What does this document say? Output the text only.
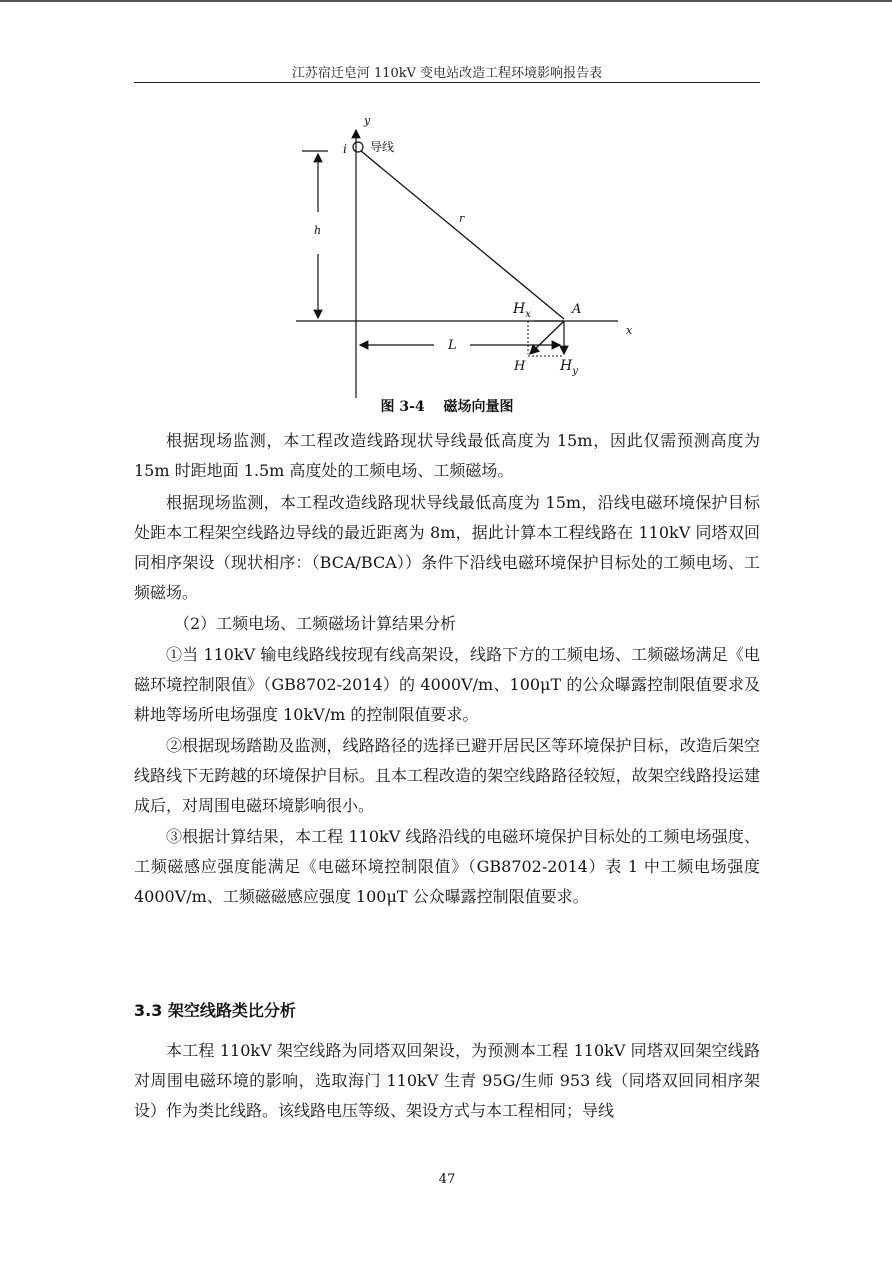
江苏宿迁皂河 110kV 变电站改造工程环境影响报告表
y
x
i 导线
h
r
A
L
$H_x$
$H_y$
H
图 3-4　 磁场向量图

根据现场监测，本工程改造线路现状导线最低高度为 15m，因此仅需预测高度为 15m 时距地面 1.5m 高度处的工频电场、工频磁场。

根据现场监测，本工程改造线路现状导线最低高度为 15m，沿线电磁环境保护目标处距本工程架空线路边导线的最近距离为 8m，据此计算本工程线路在 110kV 同塔双回同相序架设（现状相序：（BCA/BCA））条件下沿线电磁环境保护目标处的工频电场、工频磁场。

（2）工频电场、工频磁场计算结果分析

①当 110kV 输电线路线按现有线高架设，线路下方的工频电场、工频磁场满足《电磁环境控制限值》（GB8702-2014）的 4000V/m、100μT 的公众曝露控制限值要求及耕地等场所电场强度 10kV/m 的控制限值要求。

②根据现场踏勘及监测，线路路径的选择已避开居民区等环境保护目标，改造后架空线路线下无跨越的环境保护目标。且本工程改造的架空线路路径较短，故架空线路投运建成后，对周围电磁环境影响很小。

③根据计算结果，本工程 110kV 线路沿线的电磁环境保护目标处的工频电场强度、工频磁感应强度能满足《电磁环境控制限值》（GB8702-2014）表 1 中工频电场强度 4000V/m、工频磁磁感应强度 100μT 公众曝露控制限值要求。

3.3 架空线路类比分析

本工程 110kV 架空线路为同塔双回架设，为预测本工程 110kV 同塔双回架空线路对周围电磁环境的影响，选取海门 110kV 生青 95G/生师 953 线（同塔双回同相序架设）作为类比线路。该线路电压等级、架设方式与本工程相同；导线

47
